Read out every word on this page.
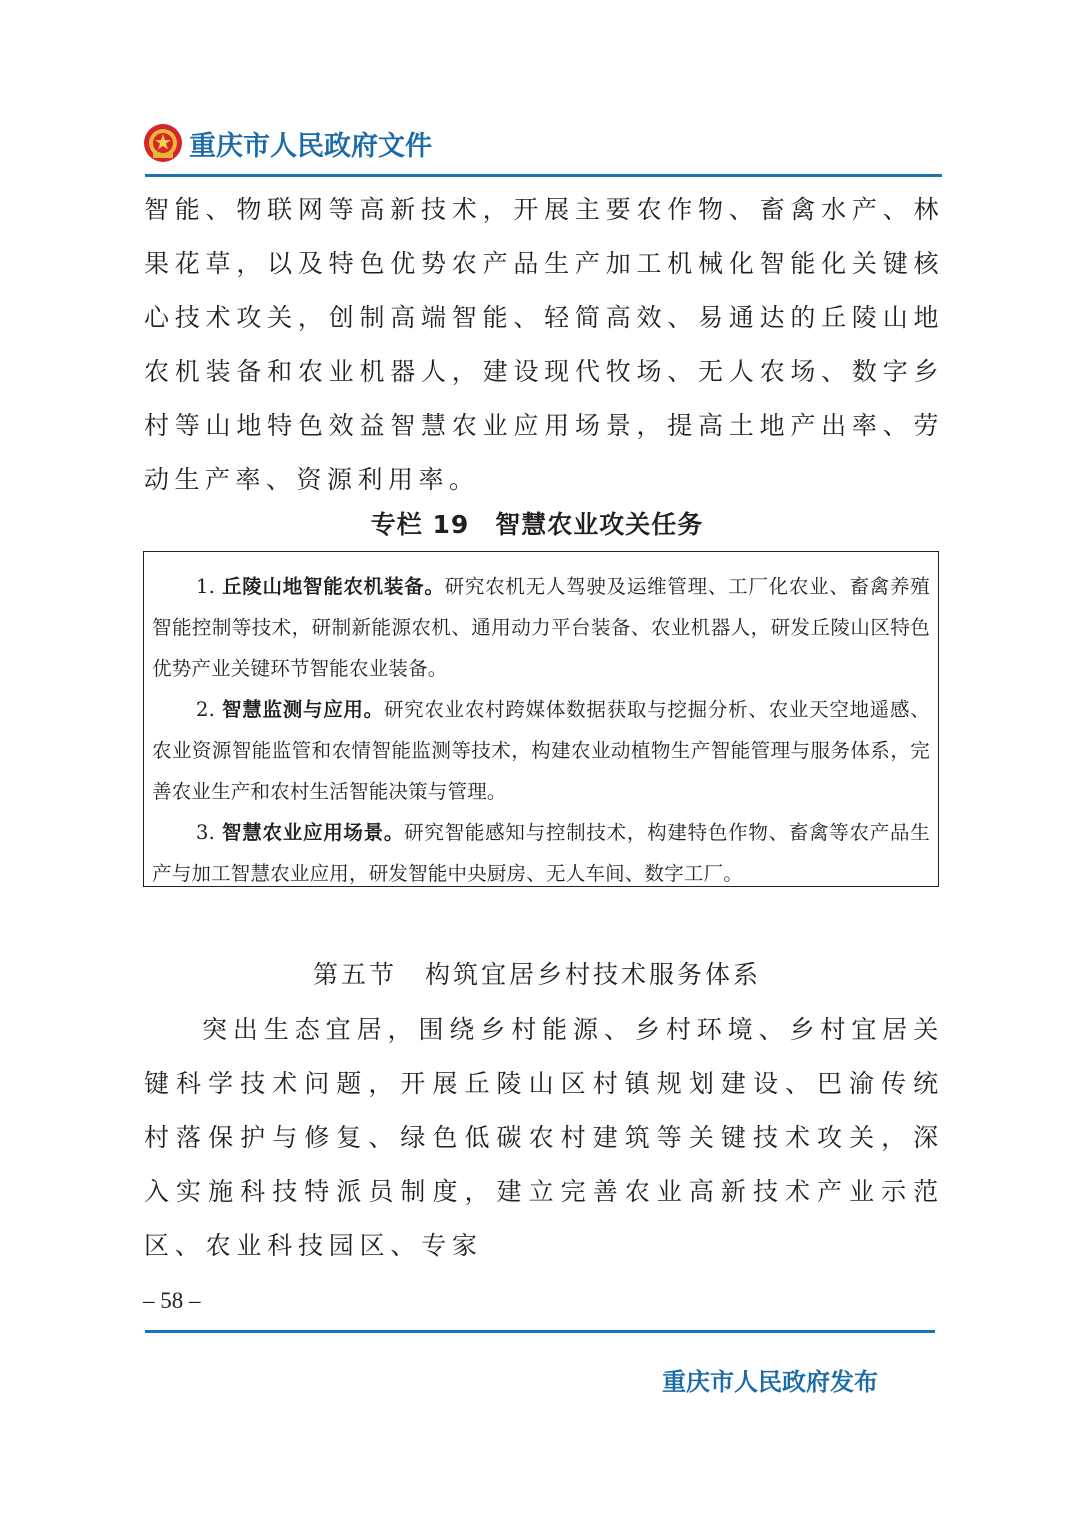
重庆市人民政府文件

智能、物联网等高新技术，开展主要农作物、畜禽水产、林果花草，以及特色优势农产品生产加工机械化智能化关键核心技术攻关，创制高端智能、轻简高效、易通达的丘陵山地农机装备和农业机器人，建设现代牧场、无人农场、数字乡村等山地特色效益智慧农业应用场景，提高土地产出率、劳动生产率、资源利用率。

专栏 19　智慧农业攻关任务

1. 丘陵山地智能农机装备。研究农机无人驾驶及运维管理、工厂化农业、畜禽养殖智能控制等技术，研制新能源农机、通用动力平台装备、农业机器人，研发丘陵山区特色优势产业关键环节智能农业装备。

2. 智慧监测与应用。研究农业农村跨媒体数据获取与挖掘分析、农业天空地遥感、农业资源智能监管和农情智能监测等技术，构建农业动植物生产智能管理与服务体系，完善农业生产和农村生活智能决策与管理。

3. 智慧农业应用场景。研究智能感知与控制技术，构建特色作物、畜禽等农产品生产与加工智慧农业应用，研发智能中央厨房、无人车间、数字工厂。

第五节　构筑宜居乡村技术服务体系

突出生态宜居，围绕乡村能源、乡村环境、乡村宜居关键科学技术问题，开展丘陵山区村镇规划建设、巴渝传统村落保护与修复、绿色低碳农村建筑等关键技术攻关，深入实施科技特派员制度，建立完善农业高新技术产业示范区、农业科技园区、专家

– 58 –
重庆市人民政府发布
